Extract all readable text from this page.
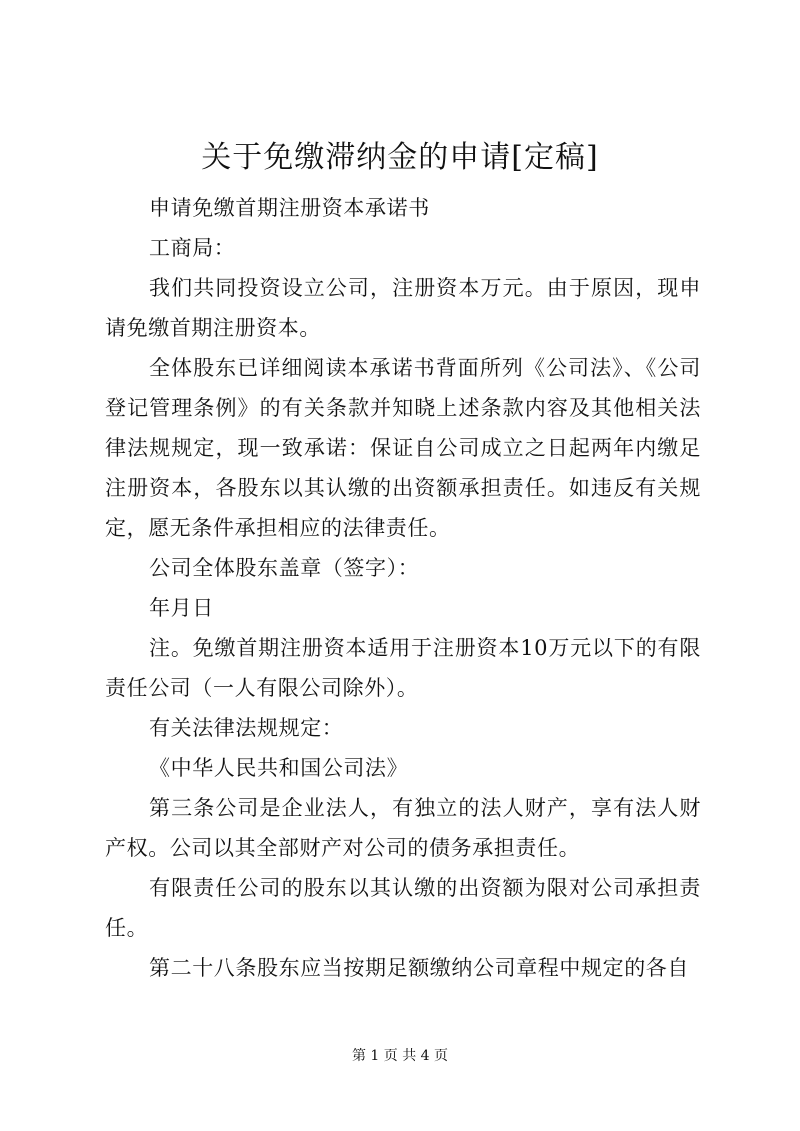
关于免缴滞纳金的申请[定稿]

申请免缴首期注册资本承诺书

工商局：

我们共同投资设立公司，注册资本万元。由于原因，现申请免缴首期注册资本。

全体股东已详细阅读本承诺书背面所列《公司法》、《公司登记管理条例》的有关条款并知晓上述条款内容及其他相关法律法规规定，现一致承诺：保证自公司成立之日起两年内缴足注册资本，各股东以其认缴的出资额承担责任。如违反有关规定，愿无条件承担相应的法律责任。

公司全体股东盖章（签字）：

年月日

注。免缴首期注册资本适用于注册资本10万元以下的有限责任公司（一人有限公司除外）。

有关法律法规规定：

《中华人民共和国公司法》

第三条公司是企业法人，有独立的法人财产，享有法人财产权。公司以其全部财产对公司的债务承担责任。

有限责任公司的股东以其认缴的出资额为限对公司承担责任。

第二十八条股东应当按期足额缴纳公司章程中规定的各自

第 1 页 共 4 页
